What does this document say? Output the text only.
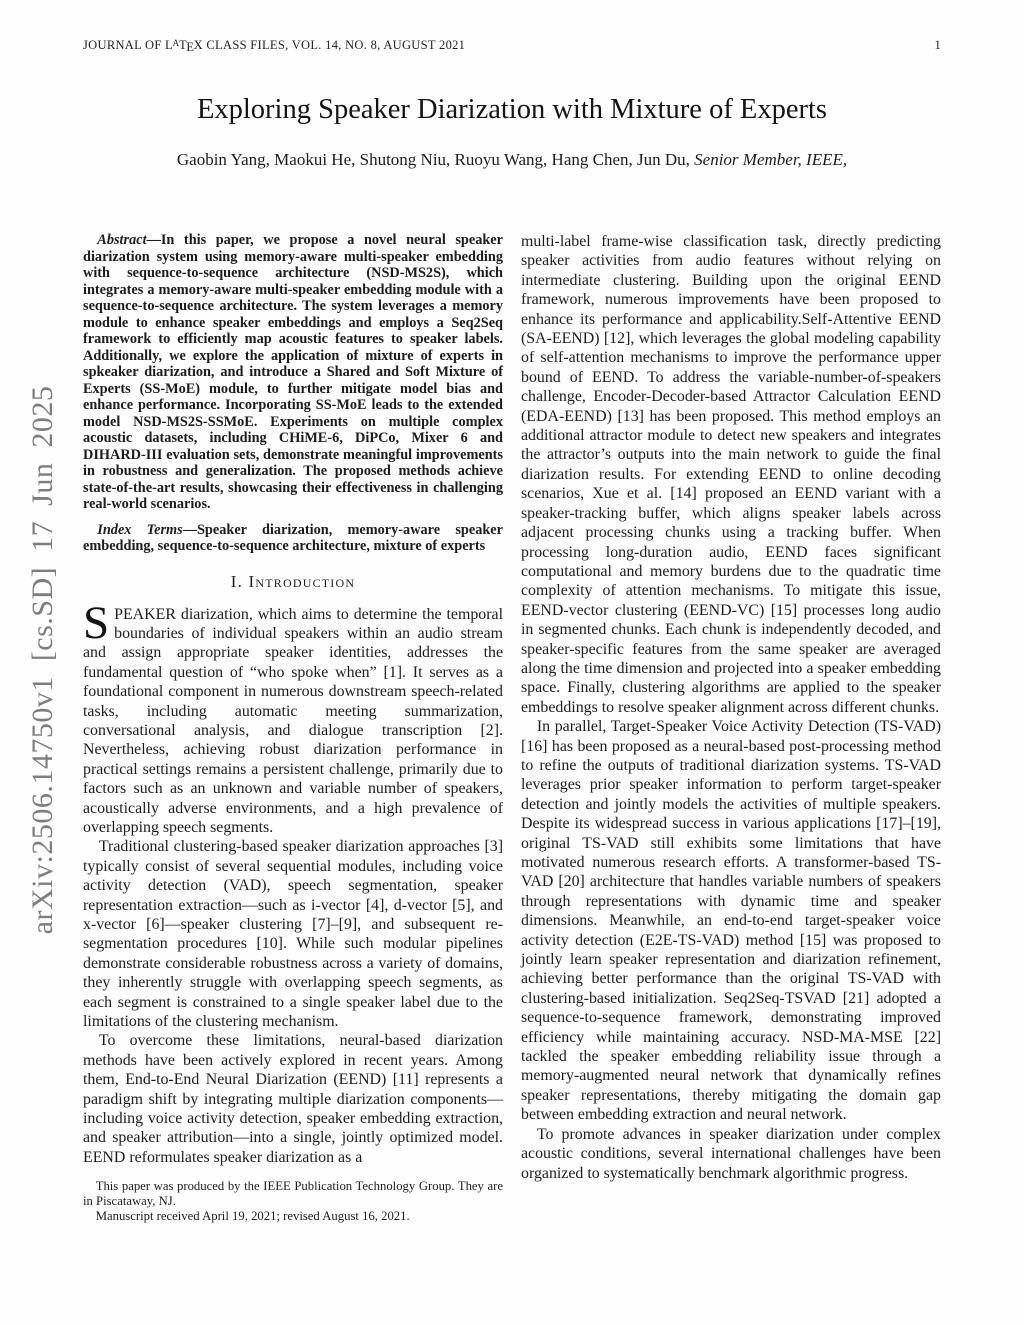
arXiv:2506.14750v1 [cs.SD] 17 Jun 2025
JOURNAL OF $L^ATEX$ CLASS FILES, VOL. 14, NO. 8, AUGUST 2021	1
Exploring Speaker Diarization with Mixture of Experts
Gaobin Yang, Maokui He, Shutong Niu, Ruoyu Wang, Hang Chen, Jun Du, Senior Member, IEEE,

Abstract—In this paper, we propose a novel neural speaker diarization system using memory-aware multi-speaker embedding with sequence-to-sequence architecture (NSD-MS2S), which integrates a memory-aware multi-speaker embedding module with a sequence-to-sequence architecture. The system leverages a memory module to enhance speaker embeddings and employs a Seq2Seq framework to efficiently map acoustic features to speaker labels. Additionally, we explore the application of mixture of experts in spkeaker diarization, and introduce a Shared and Soft Mixture of Experts (SS-MoE) module, to further mitigate model bias and enhance performance. Incorporating SS-MoE leads to the extended model NSD-MS2S-SSMoE. Experiments on multiple complex acoustic datasets, including CHiME-6, DiPCo, Mixer 6 and DIHARD-III evaluation sets, demonstrate meaningful improvements in robustness and generalization. The proposed methods achieve state-of-the-art results, showcasing their effectiveness in challenging real-world scenarios.

Index Terms—Speaker diarization, memory-aware speaker embedding, sequence-to-sequence architecture, mixture of experts

I. Introduction

SPEAKER diarization, which aims to determine the temporal boundaries of individual speakers within an audio stream and assign appropriate speaker identities, addresses the fundamental question of “who spoke when” [1]. It serves as a foundational component in numerous downstream speech-related tasks, including automatic meeting summarization, conversational analysis, and dialogue transcription [2]. Nevertheless, achieving robust diarization performance in practical settings remains a persistent challenge, primarily due to factors such as an unknown and variable number of speakers, acoustically adverse environments, and a high prevalence of overlapping speech segments.

Traditional clustering-based speaker diarization approaches [3] typically consist of several sequential modules, including voice activity detection (VAD), speech segmentation, speaker representation extraction—such as i-vector [4], d-vector [5], and x-vector [6]—speaker clustering [7]–[9], and subsequent re-segmentation procedures [10]. While such modular pipelines demonstrate considerable robustness across a variety of domains, they inherently struggle with overlapping speech segments, as each segment is constrained to a single speaker label due to the limitations of the clustering mechanism.

To overcome these limitations, neural-based diarization methods have been actively explored in recent years. Among them, End-to-End Neural Diarization (EEND) [11] represents a paradigm shift by integrating multiple diarization components—including voice activity detection, speaker embedding extraction, and speaker attribution—into a single, jointly optimized model. EEND reformulates speaker diarization as a

This paper was produced by the IEEE Publication Technology Group. They are in Piscataway, NJ.

Manuscript received April 19, 2021; revised August 16, 2021.

multi-label frame-wise classification task, directly predicting speaker activities from audio features without relying on intermediate clustering. Building upon the original EEND framework, numerous improvements have been proposed to enhance its performance and applicability.Self-Attentive EEND (SA-EEND) [12], which leverages the global modeling capability of self-attention mechanisms to improve the performance upper bound of EEND. To address the variable-number-of-speakers challenge, Encoder-Decoder-based Attractor Calculation EEND (EDA-EEND) [13] has been proposed. This method employs an additional attractor module to detect new speakers and integrates the attractor’s outputs into the main network to guide the final diarization results. For extending EEND to online decoding scenarios, Xue et al. [14] proposed an EEND variant with a speaker-tracking buffer, which aligns speaker labels across adjacent processing chunks using a tracking buffer. When processing long-duration audio, EEND faces significant computational and memory burdens due to the quadratic time complexity of attention mechanisms. To mitigate this issue, EEND-vector clustering (EEND-VC) [15] processes long audio in segmented chunks. Each chunk is independently decoded, and speaker-specific features from the same speaker are averaged along the time dimension and projected into a speaker embedding space. Finally, clustering algorithms are applied to the speaker embeddings to resolve speaker alignment across different chunks.

In parallel, Target-Speaker Voice Activity Detection (TS-VAD) [16] has been proposed as a neural-based post-processing method to refine the outputs of traditional diarization systems. TS-VAD leverages prior speaker information to perform target-speaker detection and jointly models the activities of multiple speakers. Despite its widespread success in various applications [17]–[19], original TS-VAD still exhibits some limitations that have motivated numerous research efforts. A transformer-based TS-VAD [20] architecture that handles variable numbers of speakers through representations with dynamic time and speaker dimensions. Meanwhile, an end-to-end target-speaker voice activity detection (E2E-TS-VAD) method [15] was proposed to jointly learn speaker representation and diarization refinement, achieving better performance than the original TS-VAD with clustering-based initialization. Seq2Seq-TSVAD [21] adopted a sequence-to-sequence framework, demonstrating improved efficiency while maintaining accuracy. NSD-MA-MSE [22] tackled the speaker embedding reliability issue through a memory-augmented neural network that dynamically refines speaker representations, thereby mitigating the domain gap between embedding extraction and neural network.

To promote advances in speaker diarization under complex acoustic conditions, several international challenges have been organized to systematically benchmark algorithmic progress.
